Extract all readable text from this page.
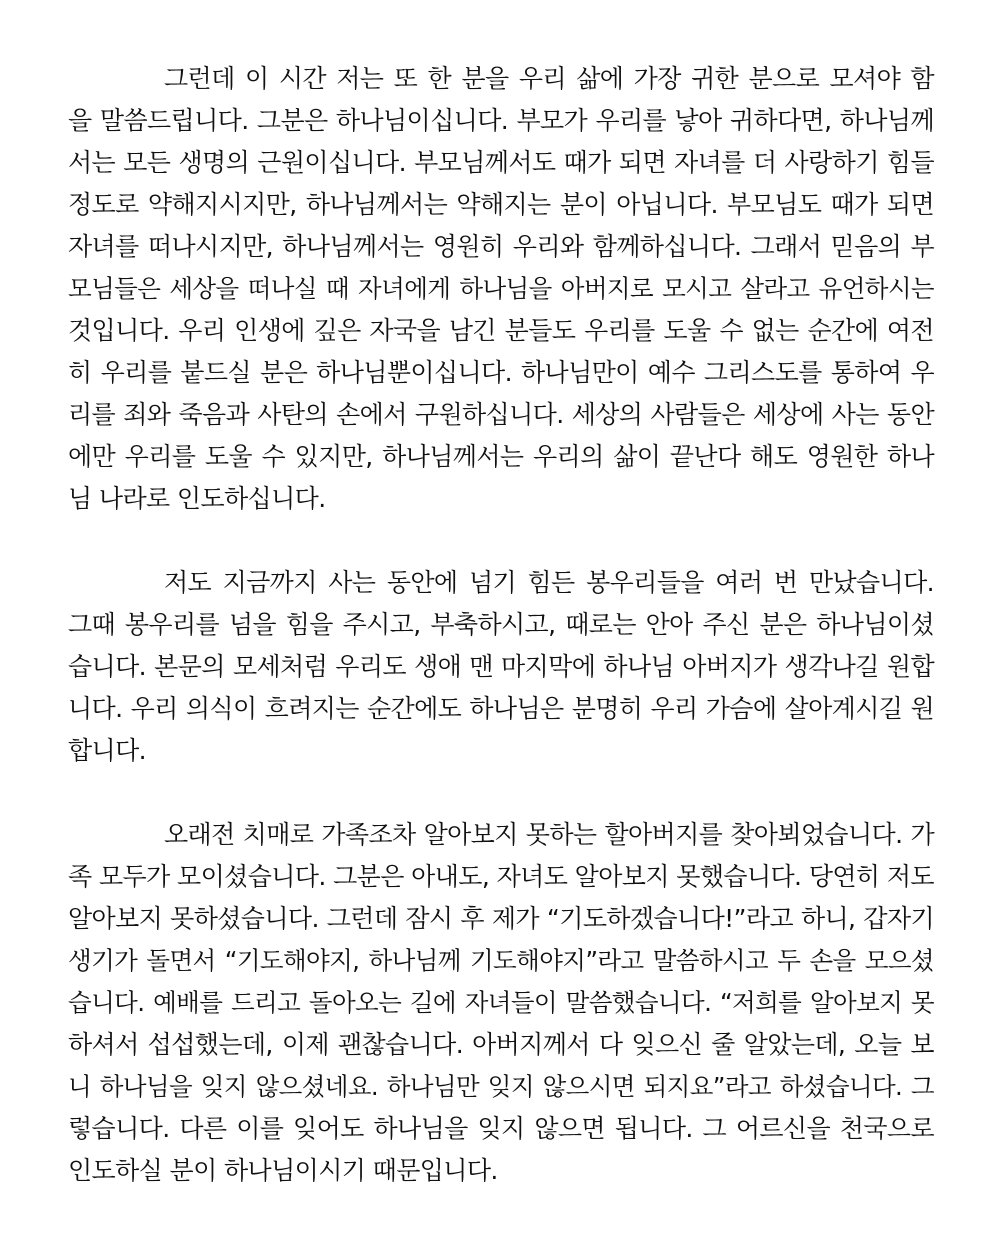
그런데 이 시간 저는 또 한 분을 우리 삶에 가장 귀한 분으로 모셔야 함
을 말씀드립니다. 그분은 하나님이십니다. 부모가 우리를 낳아 귀하다면, 하나님께
서는 모든 생명의 근원이십니다. 부모님께서도 때가 되면 자녀를 더 사랑하기 힘들
정도로 약해지시지만, 하나님께서는 약해지는 분이 아닙니다. 부모님도 때가 되면
자녀를 떠나시지만, 하나님께서는 영원히 우리와 함께하십니다. 그래서 믿음의 부
모님들은 세상을 떠나실 때 자녀에게 하나님을 아버지로 모시고 살라고 유언하시는
것입니다. 우리 인생에 깊은 자국을 남긴 분들도 우리를 도울 수 없는 순간에 여전
히 우리를 붙드실 분은 하나님뿐이십니다. 하나님만이 예수 그리스도를 통하여 우
리를 죄와 죽음과 사탄의 손에서 구원하십니다. 세상의 사람들은 세상에 사는 동안
에만 우리를 도울 수 있지만, 하나님께서는 우리의 삶이 끝난다 해도 영원한 하나
님 나라로 인도하십니다.
저도 지금까지 사는 동안에 넘기 힘든 봉우리들을 여러 번 만났습니다.
그때 봉우리를 넘을 힘을 주시고, 부축하시고, 때로는 안아 주신 분은 하나님이셨
습니다. 본문의 모세처럼 우리도 생애 맨 마지막에 하나님 아버지가 생각나길 원합
니다. 우리 의식이 흐려지는 순간에도 하나님은 분명히 우리 가슴에 살아계시길 원
합니다.
오래전 치매로 가족조차 알아보지 못하는 할아버지를 찾아뵈었습니다. 가
족 모두가 모이셨습니다. 그분은 아내도, 자녀도 알아보지 못했습니다. 당연히 저도
알아보지 못하셨습니다. 그런데 잠시 후 제가 “기도하겠습니다!”라고 하니, 갑자기
생기가 돌면서 “기도해야지, 하나님께 기도해야지”라고 말씀하시고 두 손을 모으셨
습니다. 예배를 드리고 돌아오는 길에 자녀들이 말씀했습니다. “저희를 알아보지 못
하셔서 섭섭했는데, 이제 괜찮습니다. 아버지께서 다 잊으신 줄 알았는데, 오늘 보
니 하나님을 잊지 않으셨네요. 하나님만 잊지 않으시면 되지요”라고 하셨습니다. 그
렇습니다. 다른 이를 잊어도 하나님을 잊지 않으면 됩니다. 그 어르신을 천국으로
인도하실 분이 하나님이시기 때문입니다.
